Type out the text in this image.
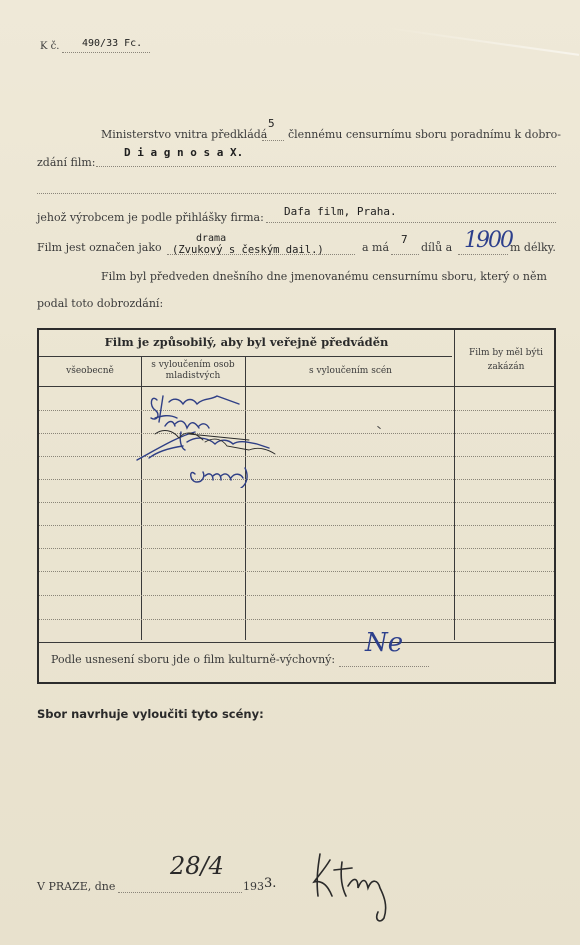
K č. 490/33 Fc.
Ministerstvo vnitra předkládá
5
člennému censurnímu sboru poradnímu k dobro-
zdání film:
D i a g n o s a X.
jehož výrobcem je podle přihlášky firma: Dafa film, Praha.
Film jest označen jako
drama
(Zvukový s českým dail.)	a má
7
dílů a 1900
m délky.
Film byl předveden dnešního dne jmenovanému censurnímu sboru, který o něm
podal toto dobrozdání:
Film je způsobilý, aby byl veřejně předváděn
Film by měl býti zakázán
všeobecně
s vyloučením osob mladistvých	s vyloučením scén
Podle usnesení sboru jde o film kulturně-výchovný:
Ne
Sbor navrhuje vyloučiti tyto scény:
V PRAZE, dne
28/4
193 3.
